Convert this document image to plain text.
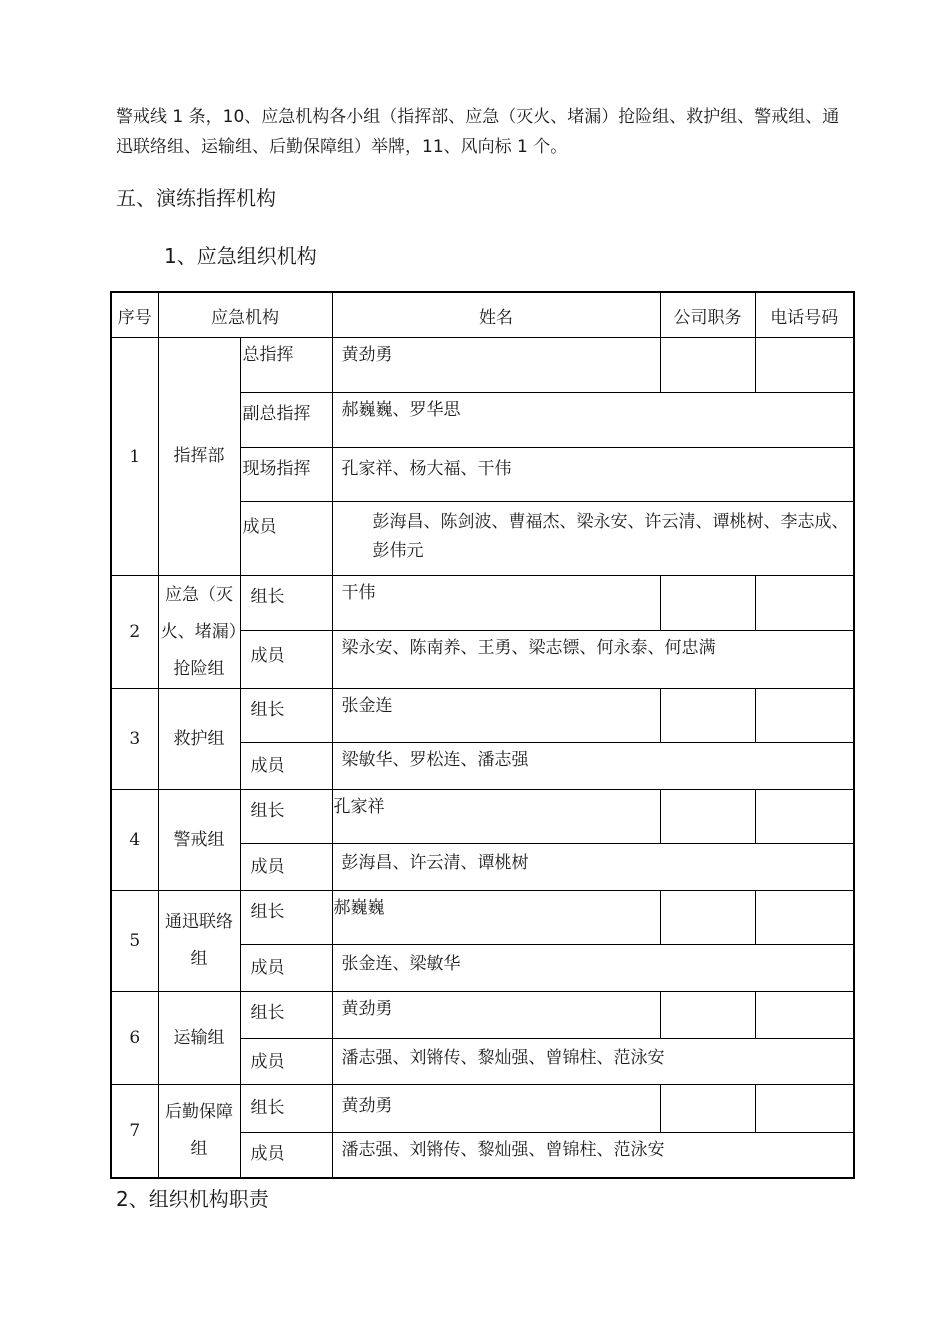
警戒线 1 条，10、应急机构各小组（指挥部、应急（灭火、堵漏）抢险组、救护组、警戒组、通迅联络组、运输组、后勤保障组）举牌，11、风向标 1 个。

五、演练指挥机构
1、应急组织机构
序号	应急机构		姓名	公司职务	电话号码
1	指挥部	总指挥	黄劲勇		
		副总指挥	郝巍巍、罗华思		
		现场指挥	孔家祥、杨大福、干伟		
		成员	彭海昌、陈剑波、曹福杰、梁永安、许云清、谭桃树、李志成、彭伟元		
2	应急（灭火、堵漏）抢险组	组长	干伟		
		成员	梁永安、陈南养、王勇、梁志镖、何永泰、何忠满		
3	救护组	组长	张金连		
		成员	梁敏华、罗松连、潘志强		
4	警戒组	组长	孔家祥		
		成员	彭海昌、许云清、谭桃树		
5	通迅联络组	组长	郝巍巍		
		成员	张金连、梁敏华		
6	运输组	组长	黄劲勇		
		成员	潘志强、刘锵传、黎灿强、曾锦柱、范泳安		
7	后勤保障组	组长	黄劲勇		
		成员	潘志强、刘锵传、黎灿强、曾锦柱、范泳安		
2、组织机构职责
